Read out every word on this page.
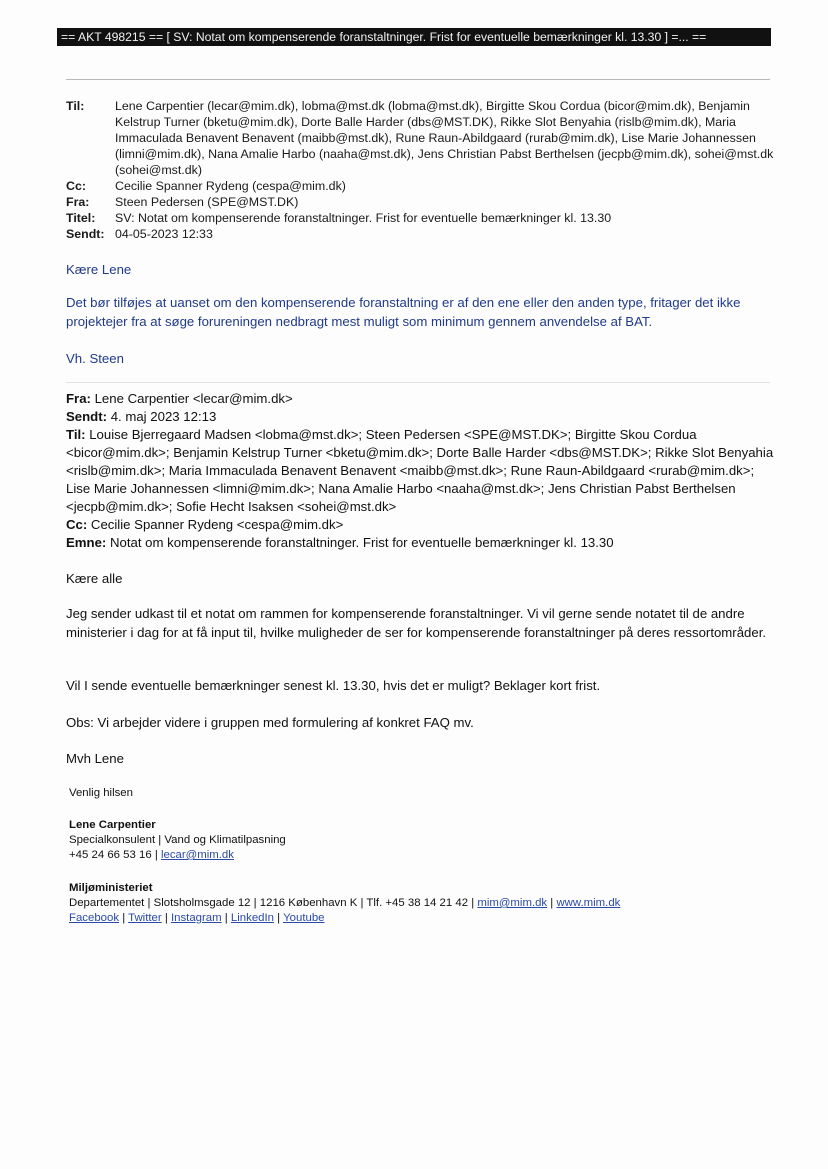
== AKT 498215 == [ SV: Notat om kompenserende foranstaltninger. Frist for eventuelle bemærkninger kl. 13.30 ] =... ==
Til:	Lene Carpentier (lecar@mim.dk), lobma@mst.dk (lobma@mst.dk), Birgitte Skou Cordua (bicor@mim.dk), Benjamin Kelstrup Turner (bketu@mim.dk), Dorte Balle Harder (dbs@MST.DK), Rikke Slot Benyahia (rislb@mim.dk), Maria Immaculada Benavent Benavent (maibb@mst.dk), Rune Raun-Abildgaard (rurab@mim.dk), Lise Marie Johannessen (limni@mim.dk), Nana Amalie Harbo (naaha@mst.dk), Jens Christian Pabst Berthelsen (jecpb@mim.dk), sohei@mst.dk (sohei@mst.dk)
Cc:	Cecilie Spanner Rydeng (cespa@mim.dk)
Fra:	Steen Pedersen (SPE@MST.DK)
Titel:	SV: Notat om kompenserende foranstaltninger. Frist for eventuelle bemærkninger kl. 13.30
Sendt: 04-05-2023 12:33
Kære Lene
Det bør tilføjes at uanset om den kompenserende foranstaltning er af den ene eller den anden type, fritager det ikke projektejer fra at søge forureningen nedbragt mest muligt som minimum gennem anvendelse af BAT.
Vh. Steen
Fra: Lene Carpentier <lecar@mim.dk>
Sendt: 4. maj 2023 12:13
Til: Louise Bjerregaard Madsen <lobma@mst.dk>; Steen Pedersen <SPE@MST.DK>; Birgitte Skou Cordua <bicor@mim.dk>; Benjamin Kelstrup Turner <bketu@mim.dk>; Dorte Balle Harder <dbs@MST.DK>; Rikke Slot Benyahia <rislb@mim.dk>; Maria Immaculada Benavent Benavent <maibb@mst.dk>; Rune Raun-Abildgaard <rurab@mim.dk>; Lise Marie Johannessen <limni@mim.dk>; Nana Amalie Harbo <naaha@mst.dk>; Jens Christian Pabst Berthelsen <jecpb@mim.dk>; Sofie Hecht Isaksen <sohei@mst.dk>
Cc: Cecilie Spanner Rydeng <cespa@mim.dk>
Emne: Notat om kompenserende foranstaltninger. Frist for eventuelle bemærkninger kl. 13.30
Kære alle
Jeg sender udkast til et notat om rammen for kompenserende foranstaltninger. Vi vil gerne sende notatet til de andre ministerier i dag for at få input til, hvilke muligheder de ser for kompenserende foranstaltninger på deres ressortområder.
Vil I sende eventuelle bemærkninger senest kl. 13.30, hvis det er muligt? Beklager kort frist.
Obs: Vi arbejder videre i gruppen med formulering af konkret FAQ mv.
Mvh Lene
Venlig hilsen
Lene Carpentier
Specialkonsulent | Vand og Klimatilpasning
+45 24 66 53 16 | lecar@mim.dk
Miljøministeriet
Departementet | Slotsholmsgade 12 | 1216 København K | Tlf. +45 38 14 21 42 | mim@mim.dk | www.mim.dk
Facebook | Twitter | Instagram | LinkedIn | Youtube
